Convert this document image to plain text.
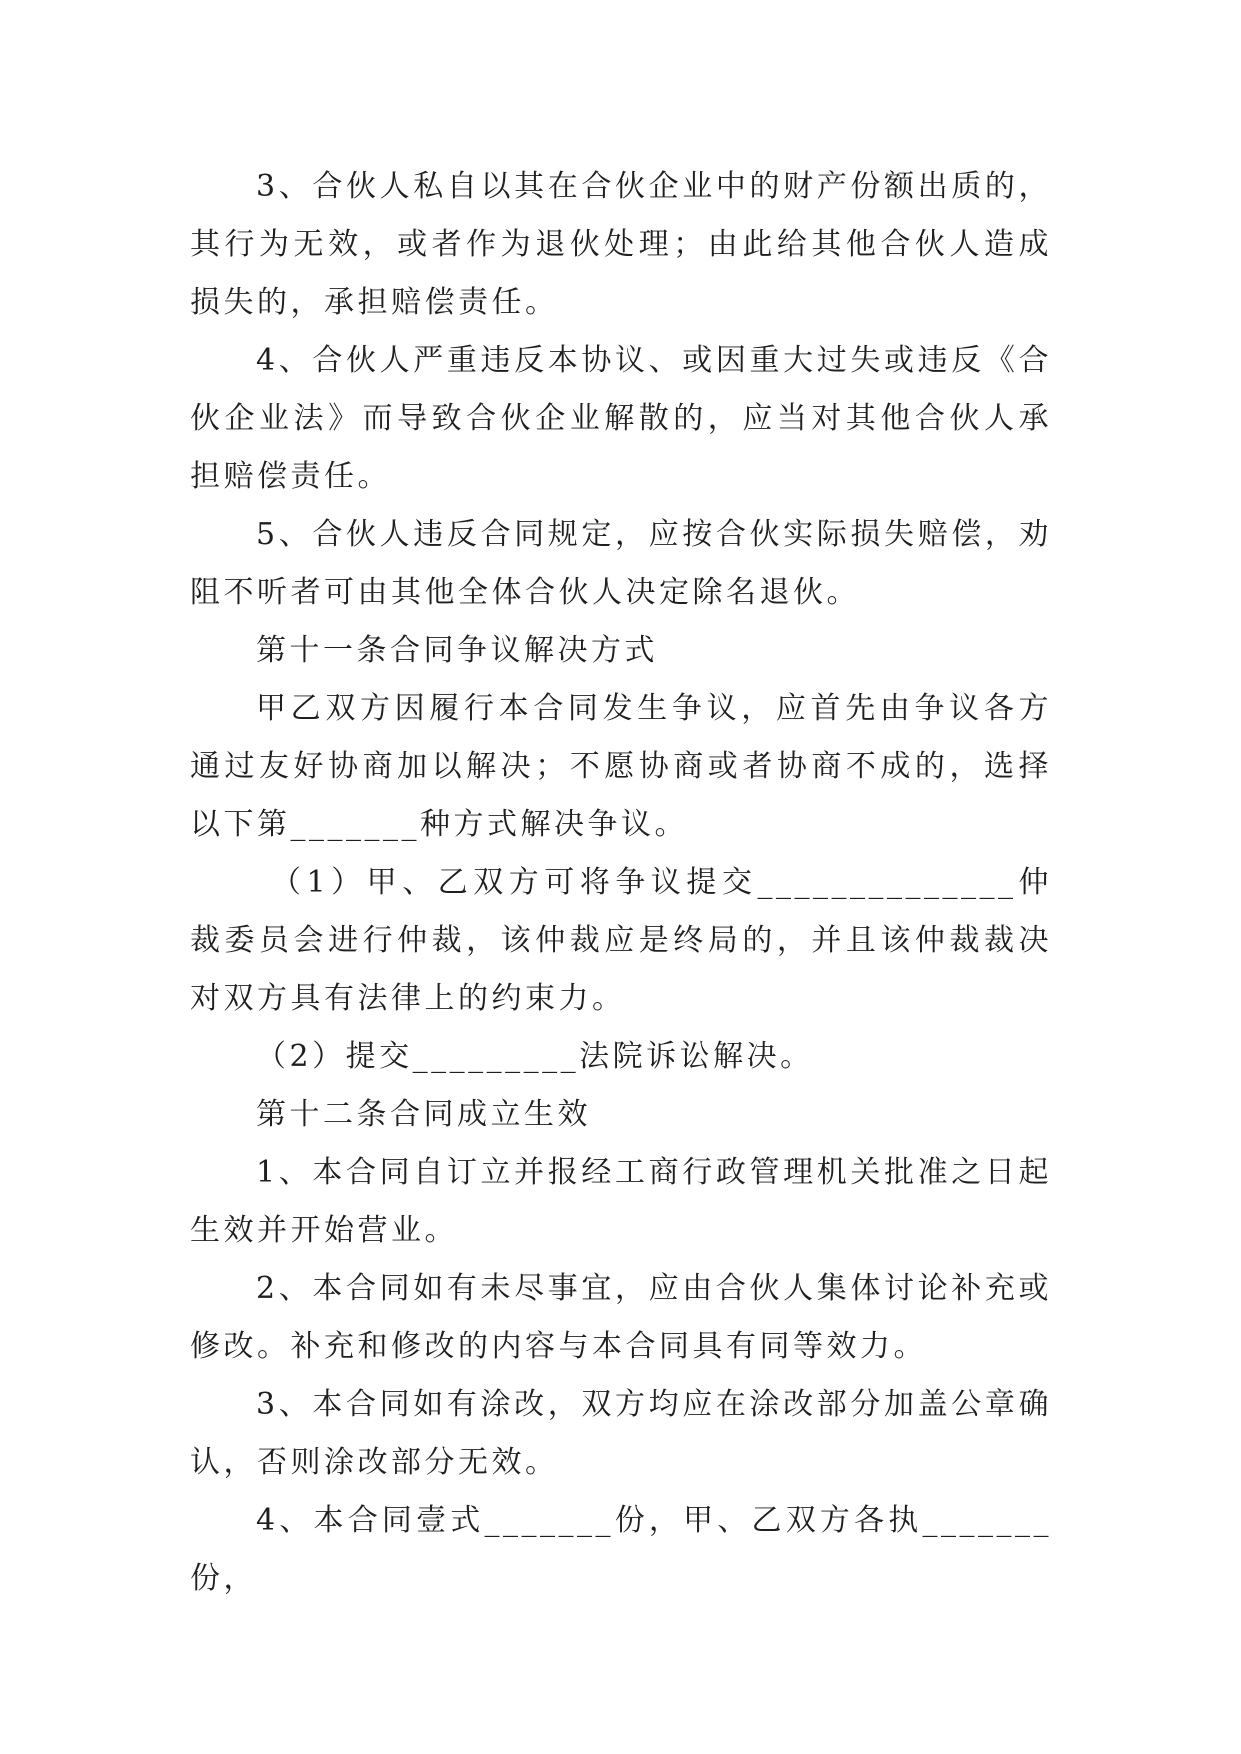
3、合伙人私自以其在合伙企业中的财产份额出质的，其行为无效，或者作为退伙处理；由此给其他合伙人造成损失的，承担赔偿责任。

4、合伙人严重违反本协议、或因重大过失或违反《合伙企业法》而导致合伙企业解散的，应当对其他合伙人承担赔偿责任。

5、合伙人违反合同规定，应按合伙实际损失赔偿，劝阻不听者可由其他全体合伙人决定除名退伙。

第十一条合同争议解决方式

甲乙双方因履行本合同发生争议，应首先由争议各方通过友好协商加以解决；不愿协商或者协商不成的，选择以下第_______种方式解决争议。

（1）甲、乙双方可将争议提交______________仲裁委员会进行仲裁，该仲裁应是终局的，并且该仲裁裁决对双方具有法律上的约束力。

（2）提交_________法院诉讼解决。

第十二条合同成立生效

1、本合同自订立并报经工商行政管理机关批准之日起生效并开始营业。

2、本合同如有未尽事宜，应由合伙人集体讨论补充或修改。补充和修改的内容与本合同具有同等效力。

3、本合同如有涂改，双方均应在涂改部分加盖公章确认，否则涂改部分无效。

4、本合同壹式_______份，甲、乙双方各执_______份，
